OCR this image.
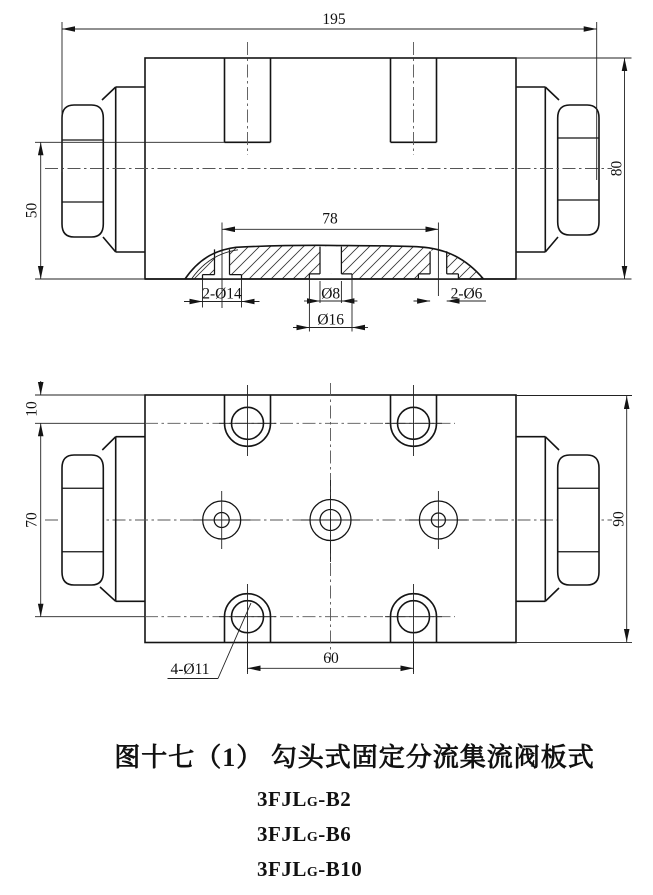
195
80
50	78
2-Ø14	Ø8
Ø16
2-Ø6
10
70	90
60
4-Ø11
图十七（1） 勾头式固定分流集流阀板式
3FJLG-B2
3FJLG-B6
3FJLG-B10
